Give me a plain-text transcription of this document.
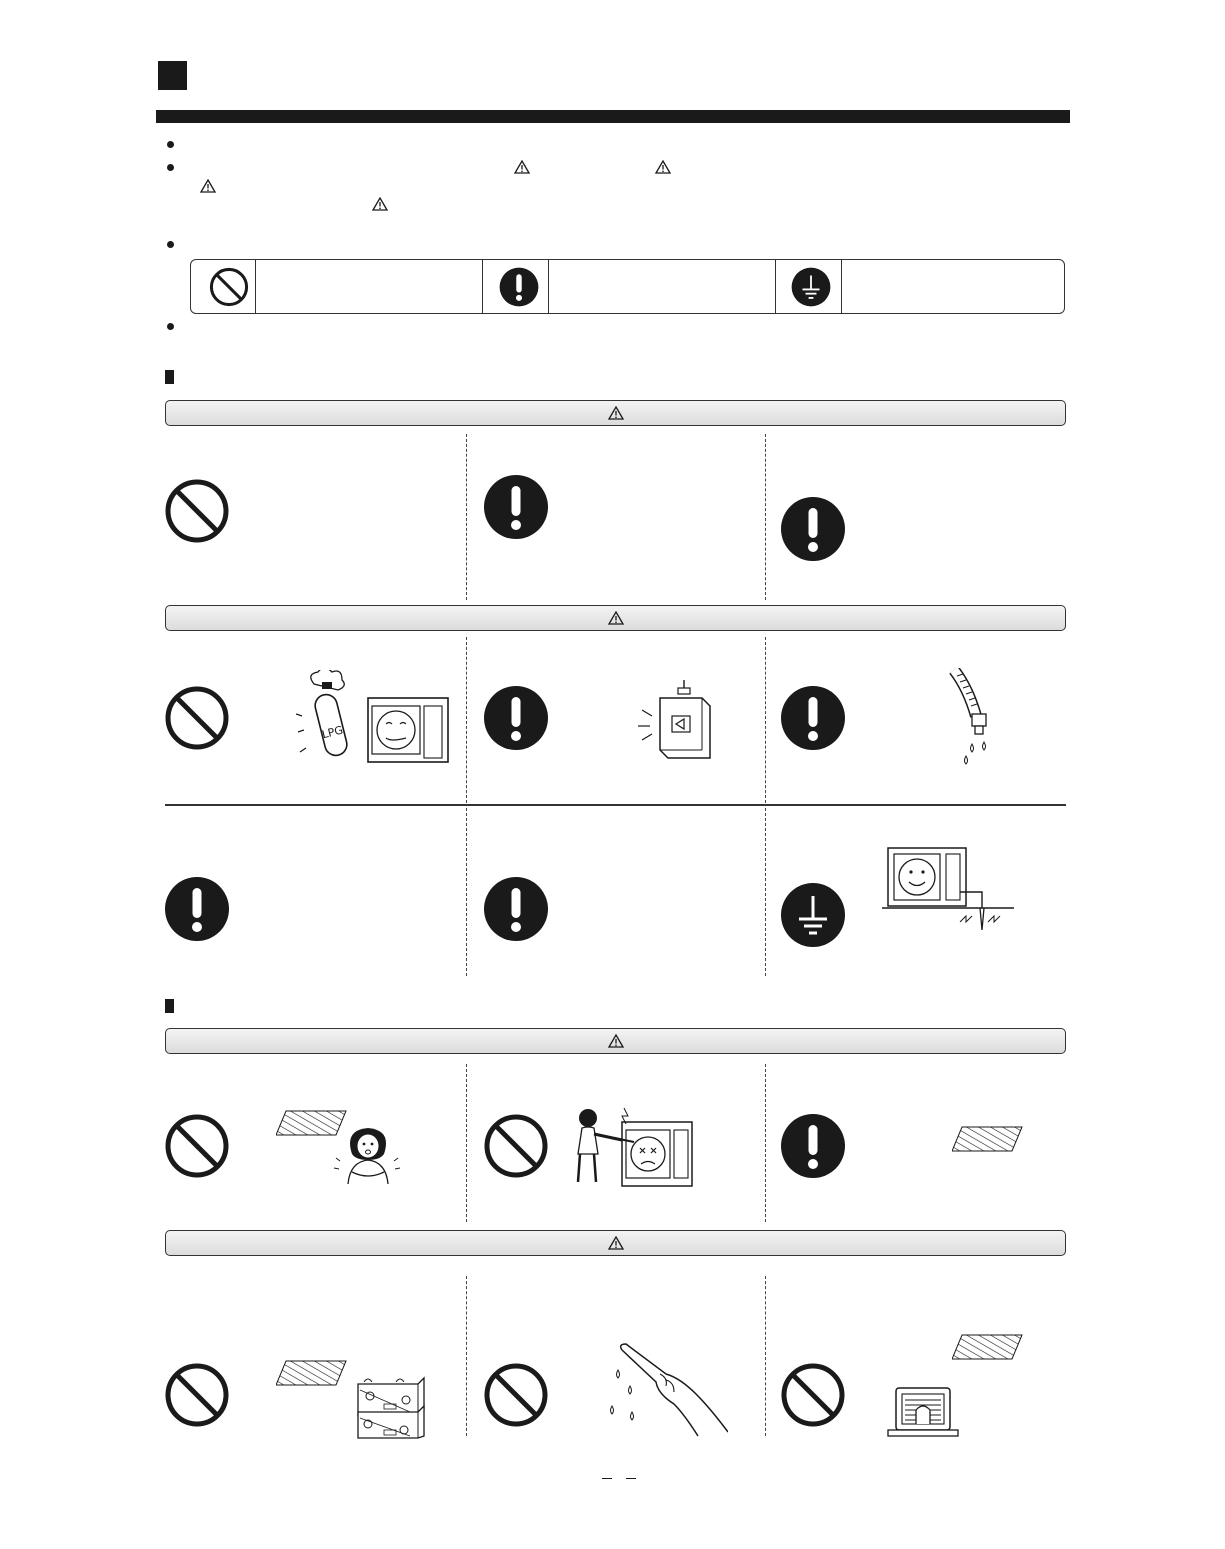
LPG
